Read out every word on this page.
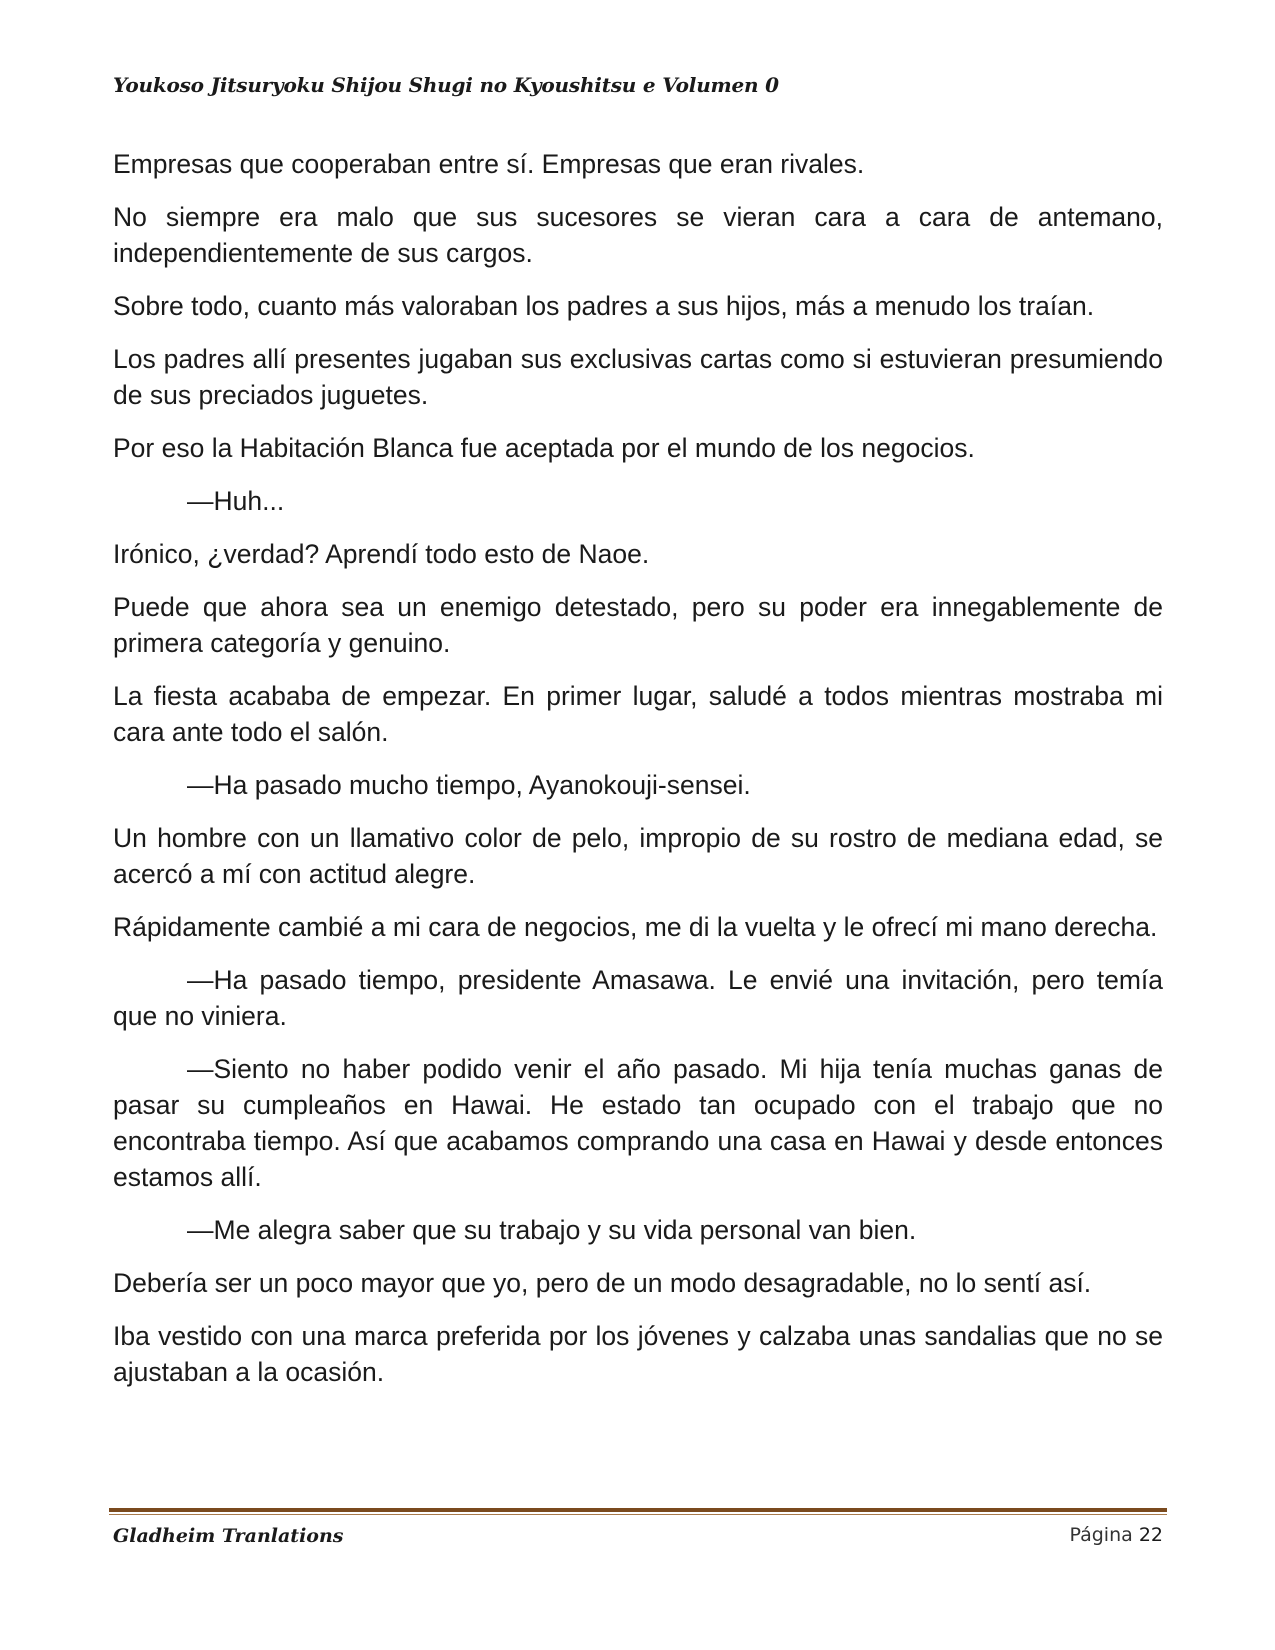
Youkoso Jitsuryoku Shijou Shugi no Kyoushitsu e Volumen 0

Empresas que cooperaban entre sí. Empresas que eran rivales.

No siempre era malo que sus sucesores se vieran cara a cara de antemano, independientemente de sus cargos.

Sobre todo, cuanto más valoraban los padres a sus hijos, más a menudo los traían.

Los padres allí presentes jugaban sus exclusivas cartas como si estuvieran presumiendo de sus preciados juguetes.

Por eso la Habitación Blanca fue aceptada por el mundo de los negocios.

—Huh...

Irónico, ¿verdad? Aprendí todo esto de Naoe.

Puede que ahora sea un enemigo detestado, pero su poder era innegablemente de primera categoría y genuino.

La fiesta acababa de empezar. En primer lugar, saludé a todos mientras mostraba mi cara ante todo el salón.

—Ha pasado mucho tiempo, Ayanokouji-sensei.

Un hombre con un llamativo color de pelo, impropio de su rostro de mediana edad, se acercó a mí con actitud alegre.

Rápidamente cambié a mi cara de negocios, me di la vuelta y le ofrecí mi mano derecha.

—Ha pasado tiempo, presidente Amasawa. Le envié una invitación, pero temía que no viniera.

—Siento no haber podido venir el año pasado. Mi hija tenía muchas ganas de pasar su cumpleaños en Hawai. He estado tan ocupado con el trabajo que no encontraba tiempo. Así que acabamos comprando una casa en Hawai y desde entonces estamos allí.

—Me alegra saber que su trabajo y su vida personal van bien.

Debería ser un poco mayor que yo, pero de un modo desagradable, no lo sentí así.

Iba vestido con una marca preferida por los jóvenes y calzaba unas sandalias que no se ajustaban a la ocasión.

Gladheim Tranlations	Página 22
